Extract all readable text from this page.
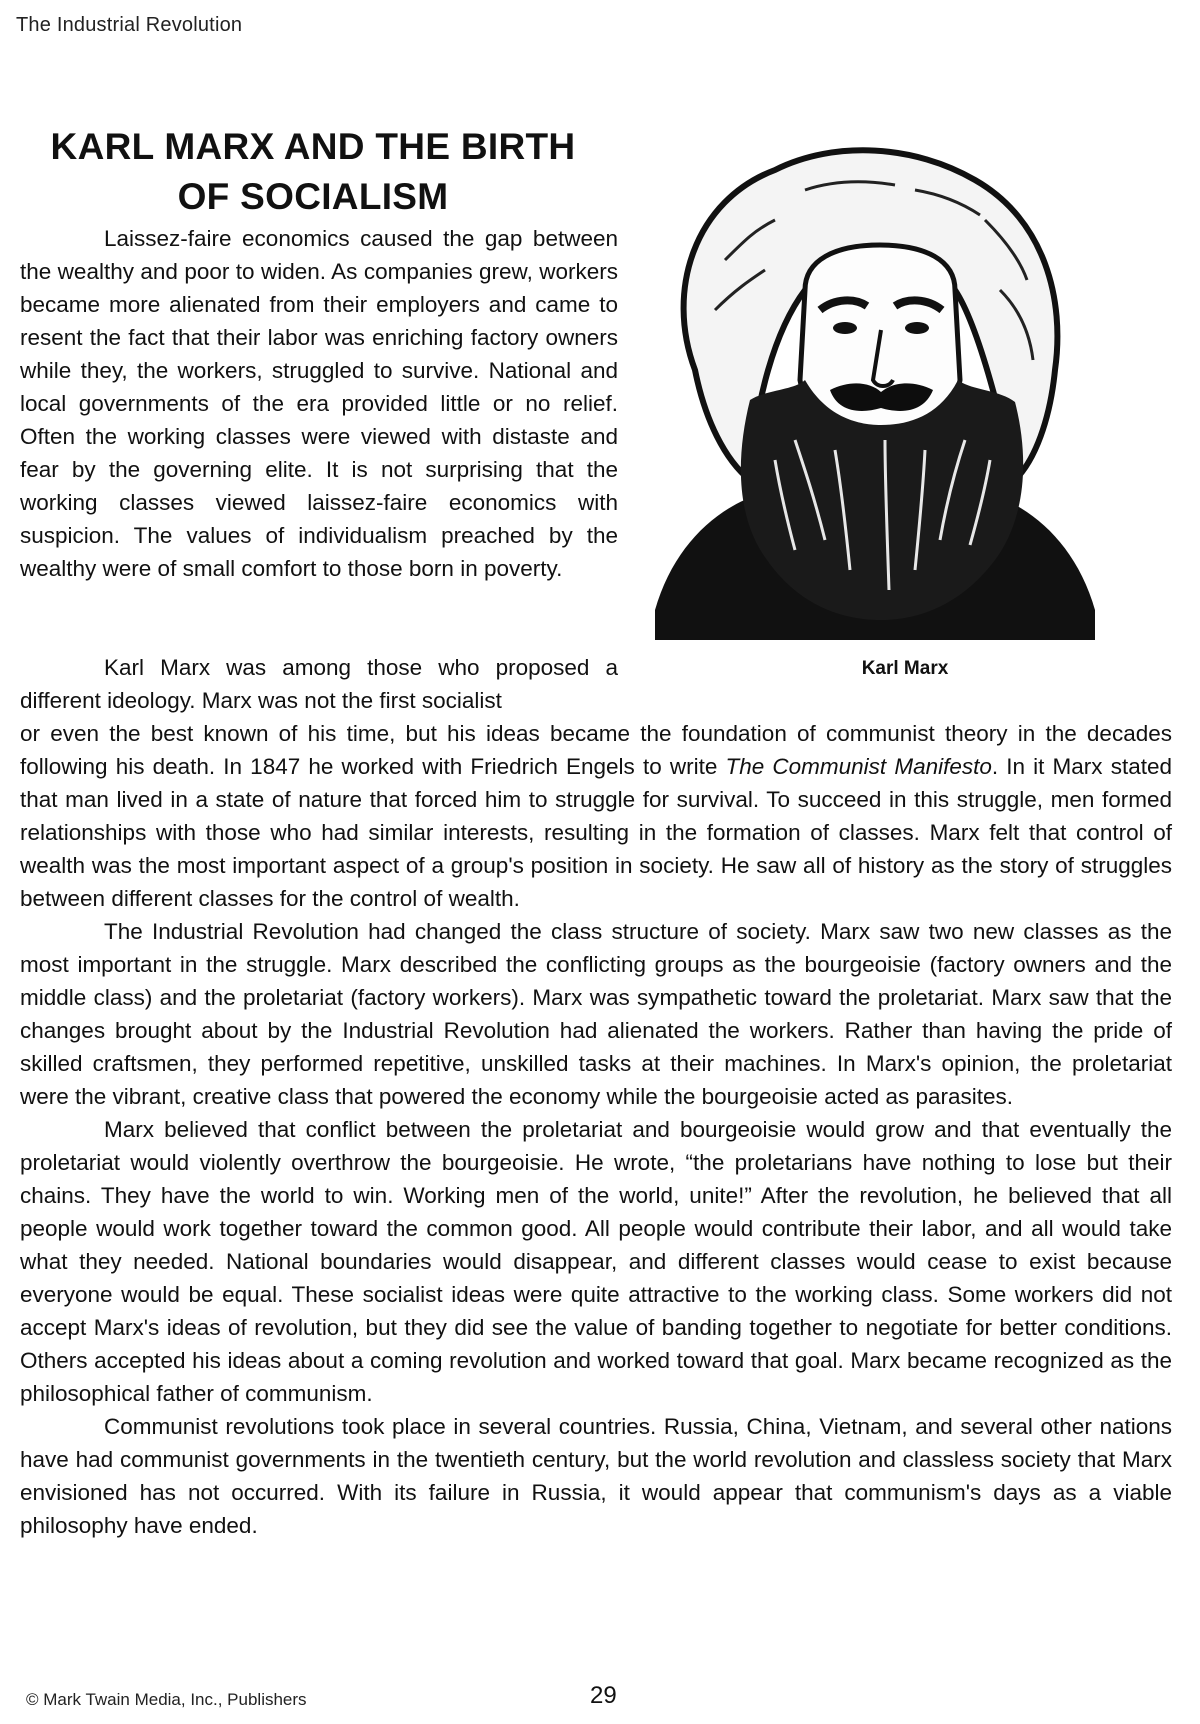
The Industrial Revolution
KARL MARX AND THE BIRTH
OF SOCIALISM

Laissez-faire economics caused the gap between the wealthy and poor to widen. As companies grew, workers became more alienated from their employers and came to resent the fact that their labor was enriching factory owners while they, the workers, struggled to survive. National and local governments of the era provided little or no relief. Often the working classes were viewed with distaste and fear by the governing elite. It is not surprising that the working classes viewed laissez-faire economics with suspicion. The values of individualism preached by the wealthy were of small comfort to those born in poverty.

Karl Marx was among those who proposed a different ideology. Marx was not the first socialist

or even the best known of his time, but his ideas became the foundation of communist theory in the decades following his death. In 1847 he worked with Friedrich Engels to write The Communist Manifesto. In it Marx stated that man lived in a state of nature that forced him to struggle for survival. To succeed in this struggle, men formed relationships with those who had similar interests, resulting in the formation of classes. Marx felt that control of wealth was the most important aspect of a group's position in society. He saw all of history as the story of struggles between different classes for the control of wealth.

The Industrial Revolution had changed the class structure of society. Marx saw two new classes as the most important in the struggle. Marx described the conflicting groups as the bourgeoisie (factory owners and the middle class) and the proletariat (factory workers). Marx was sympathetic toward the proletariat. Marx saw that the changes brought about by the Industrial Revolution had alienated the workers. Rather than having the pride of skilled craftsmen, they performed repetitive, unskilled tasks at their machines. In Marx's opinion, the proletariat were the vibrant, creative class that powered the economy while the bourgeoisie acted as parasites.

Marx believed that conflict between the proletariat and bourgeoisie would grow and that eventually the proletariat would violently overthrow the bourgeoisie. He wrote, “the proletarians have nothing to lose but their chains. They have the world to win. Working men of the world, unite!” After the revolution, he believed that all people would work together toward the common good. All people would contribute their labor, and all would take what they needed. National boundaries would disappear, and different classes would cease to exist because everyone would be equal. These socialist ideas were quite attractive to the working class. Some workers did not accept Marx's ideas of revolution, but they did see the value of banding together to negotiate for better conditions. Others accepted his ideas about a coming revolution and worked toward that goal. Marx became recognized as the philosophical father of communism.

Communist revolutions took place in several countries. Russia, China, Vietnam, and several other nations have had communist governments in the twentieth century, but the world revolution and classless society that Marx envisioned has not occurred. With its failure in Russia, it would appear that communism's days as a viable philosophy have ended.

Karl Marx
© Mark Twain Media, Inc., Publishers	29
